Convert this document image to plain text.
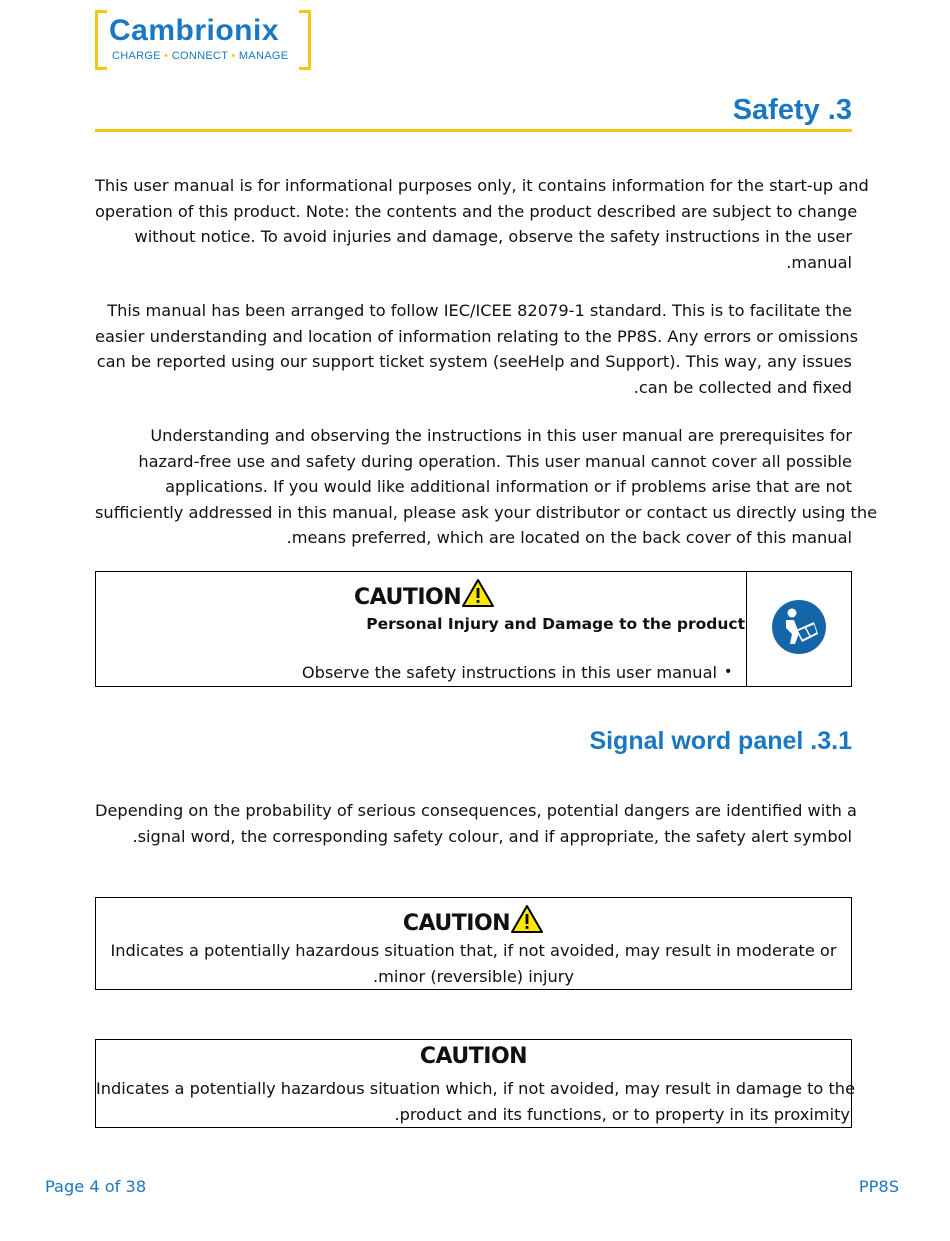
Cambrionix
CHARGE • CONNECT • MANAGE
Safety .3
This user manual is for informational purposes only, it contains information for the start-up and
operation of this product. Note: the contents and the product described are subject to change
without notice. To avoid injuries and damage, observe the safety instructions in the user
.manual
This manual has been arranged to follow IEC/ICEE 82079-1 standard. This is to facilitate the
easier understanding and location of information relating to the PP8S. Any errors or omissions
can be reported using our support ticket system (seeHelp and Support). This way, any issues
.can be collected and fixed
Understanding and observing the instructions in this user manual are prerequisites for
hazard-free use and safety during operation. This user manual cannot cover all possible
applications. If you would like additional information or if problems arise that are not
sufficiently addressed in this manual, please ask your distributor or contact us directly using the
.means preferred, which are located on the back cover of this manual
CAUTION
Personal Injury and Damage to the product
Observe the safety instructions in this user manual •
Signal word panel .3.1
Depending on the probability of serious consequences, potential dangers are identified with a
.signal word, the corresponding safety colour, and if appropriate, the safety alert symbol
CAUTION
Indicates a potentially hazardous situation that, if not avoided, may result in moderate or
.minor (reversible) injury
CAUTION
Indicates a potentially hazardous situation which, if not avoided, may result in damage to the
.product and its functions, or to property in its proximity
Page 4 of 38	PP8S
